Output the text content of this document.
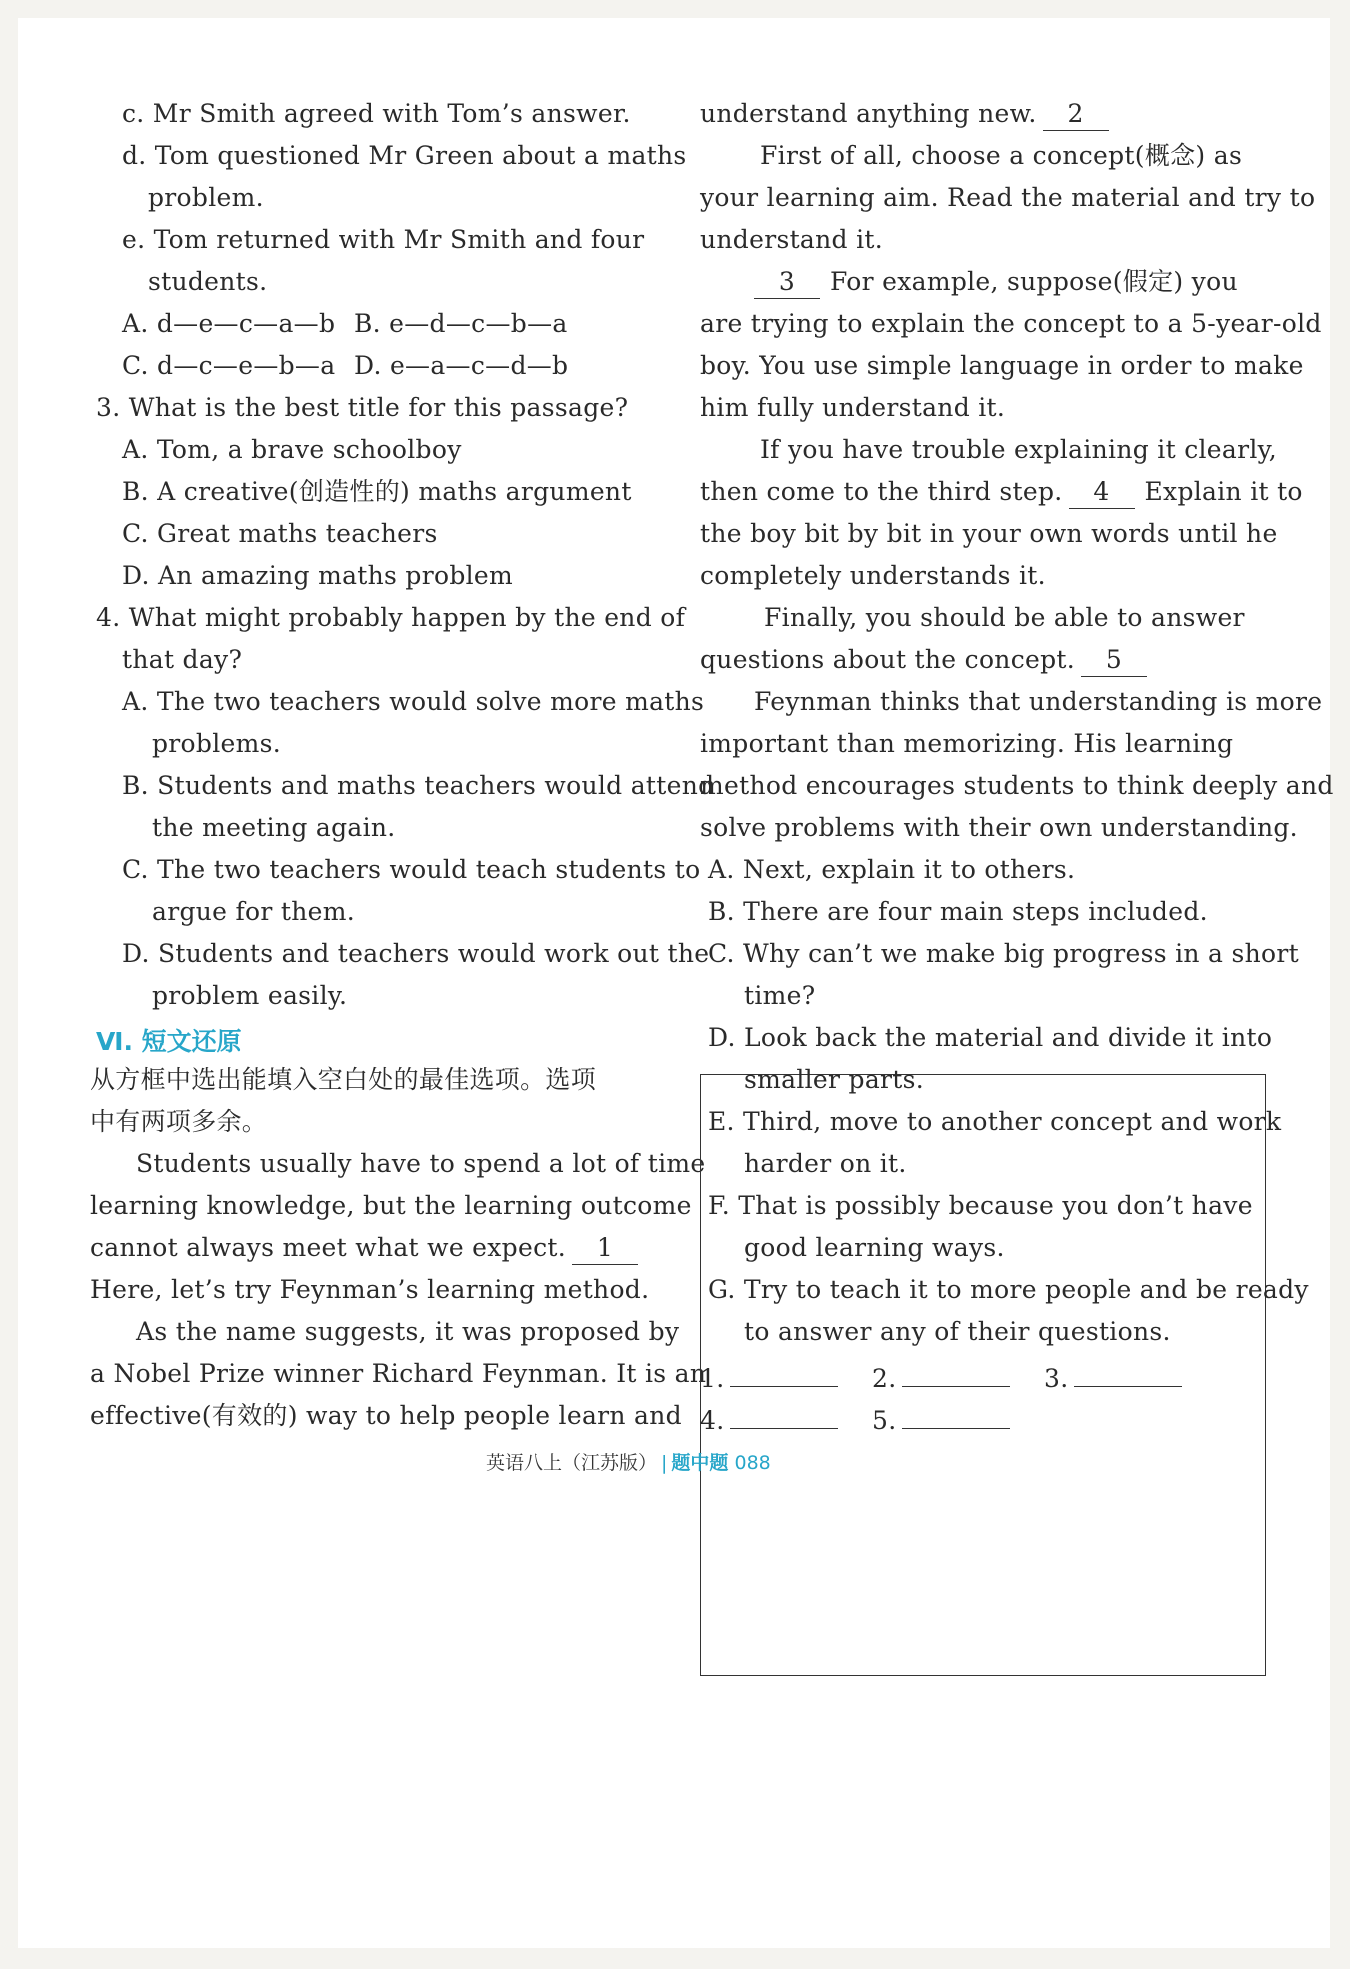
c. Mr Smith agreed with Tom’s answer.
d. Tom questioned Mr Green about a maths
problem.
e. Tom returned with Mr Smith and four
students.
A. d—e—c—a—b B. e—d—c—b—a
C. d—c—e—b—a D. e—a—c—d—b
3. What is the best title for this passage?
A. Tom, a brave schoolboy
B. A creative(创造性的) maths argument
C. Great maths teachers
D. An amazing maths problem
4. What might probably happen by the end of
that day?
A. The two teachers would solve more maths
problems.
B. Students and maths teachers would attend
the meeting again.
C. The two teachers would teach students to
argue for them.
D. Students and teachers would work out the
problem easily.
Ⅵ. 短文还原
从方框中选出能填入空白处的最佳选项。选项
中有两项多余。
Students usually have to spend a lot of time
learning knowledge, but the learning outcome
cannot always meet what we expect. 1
Here, let’s try Feynman’s learning method.
As the name suggests, it was proposed by
a Nobel Prize winner Richard Feynman. It is an
effective(有效的) way to help people learn and
understand anything new. 2
First of all, choose a concept(概念) as
your learning aim. Read the material and try to
understand it.
3 For example, suppose(假定) you
are trying to explain the concept to a 5-year-old
boy. You use simple language in order to make
him fully understand it.
If you have trouble explaining it clearly,
then come to the third step. 4 Explain it to
the boy bit by bit in your own words until he
completely understands it.
Finally, you should be able to answer
questions about the concept. 5
Feynman thinks that understanding is more
important than memorizing. His learning
method encourages students to think deeply and
solve problems with their own understanding.
A. Next, explain it to others.
B. There are four main steps included.
C. Why can’t we make big progress in a short
time?
D. Look back the material and divide it into
smaller parts.
E. Third, move to another concept and work
harder on it.
F. That is possibly because you don’t have
good learning ways.
G. Try to teach it to more people and be ready
to answer any of their questions.
1.	2.	3.
4.	5.
英语八上（江苏版） | 题中题 088
